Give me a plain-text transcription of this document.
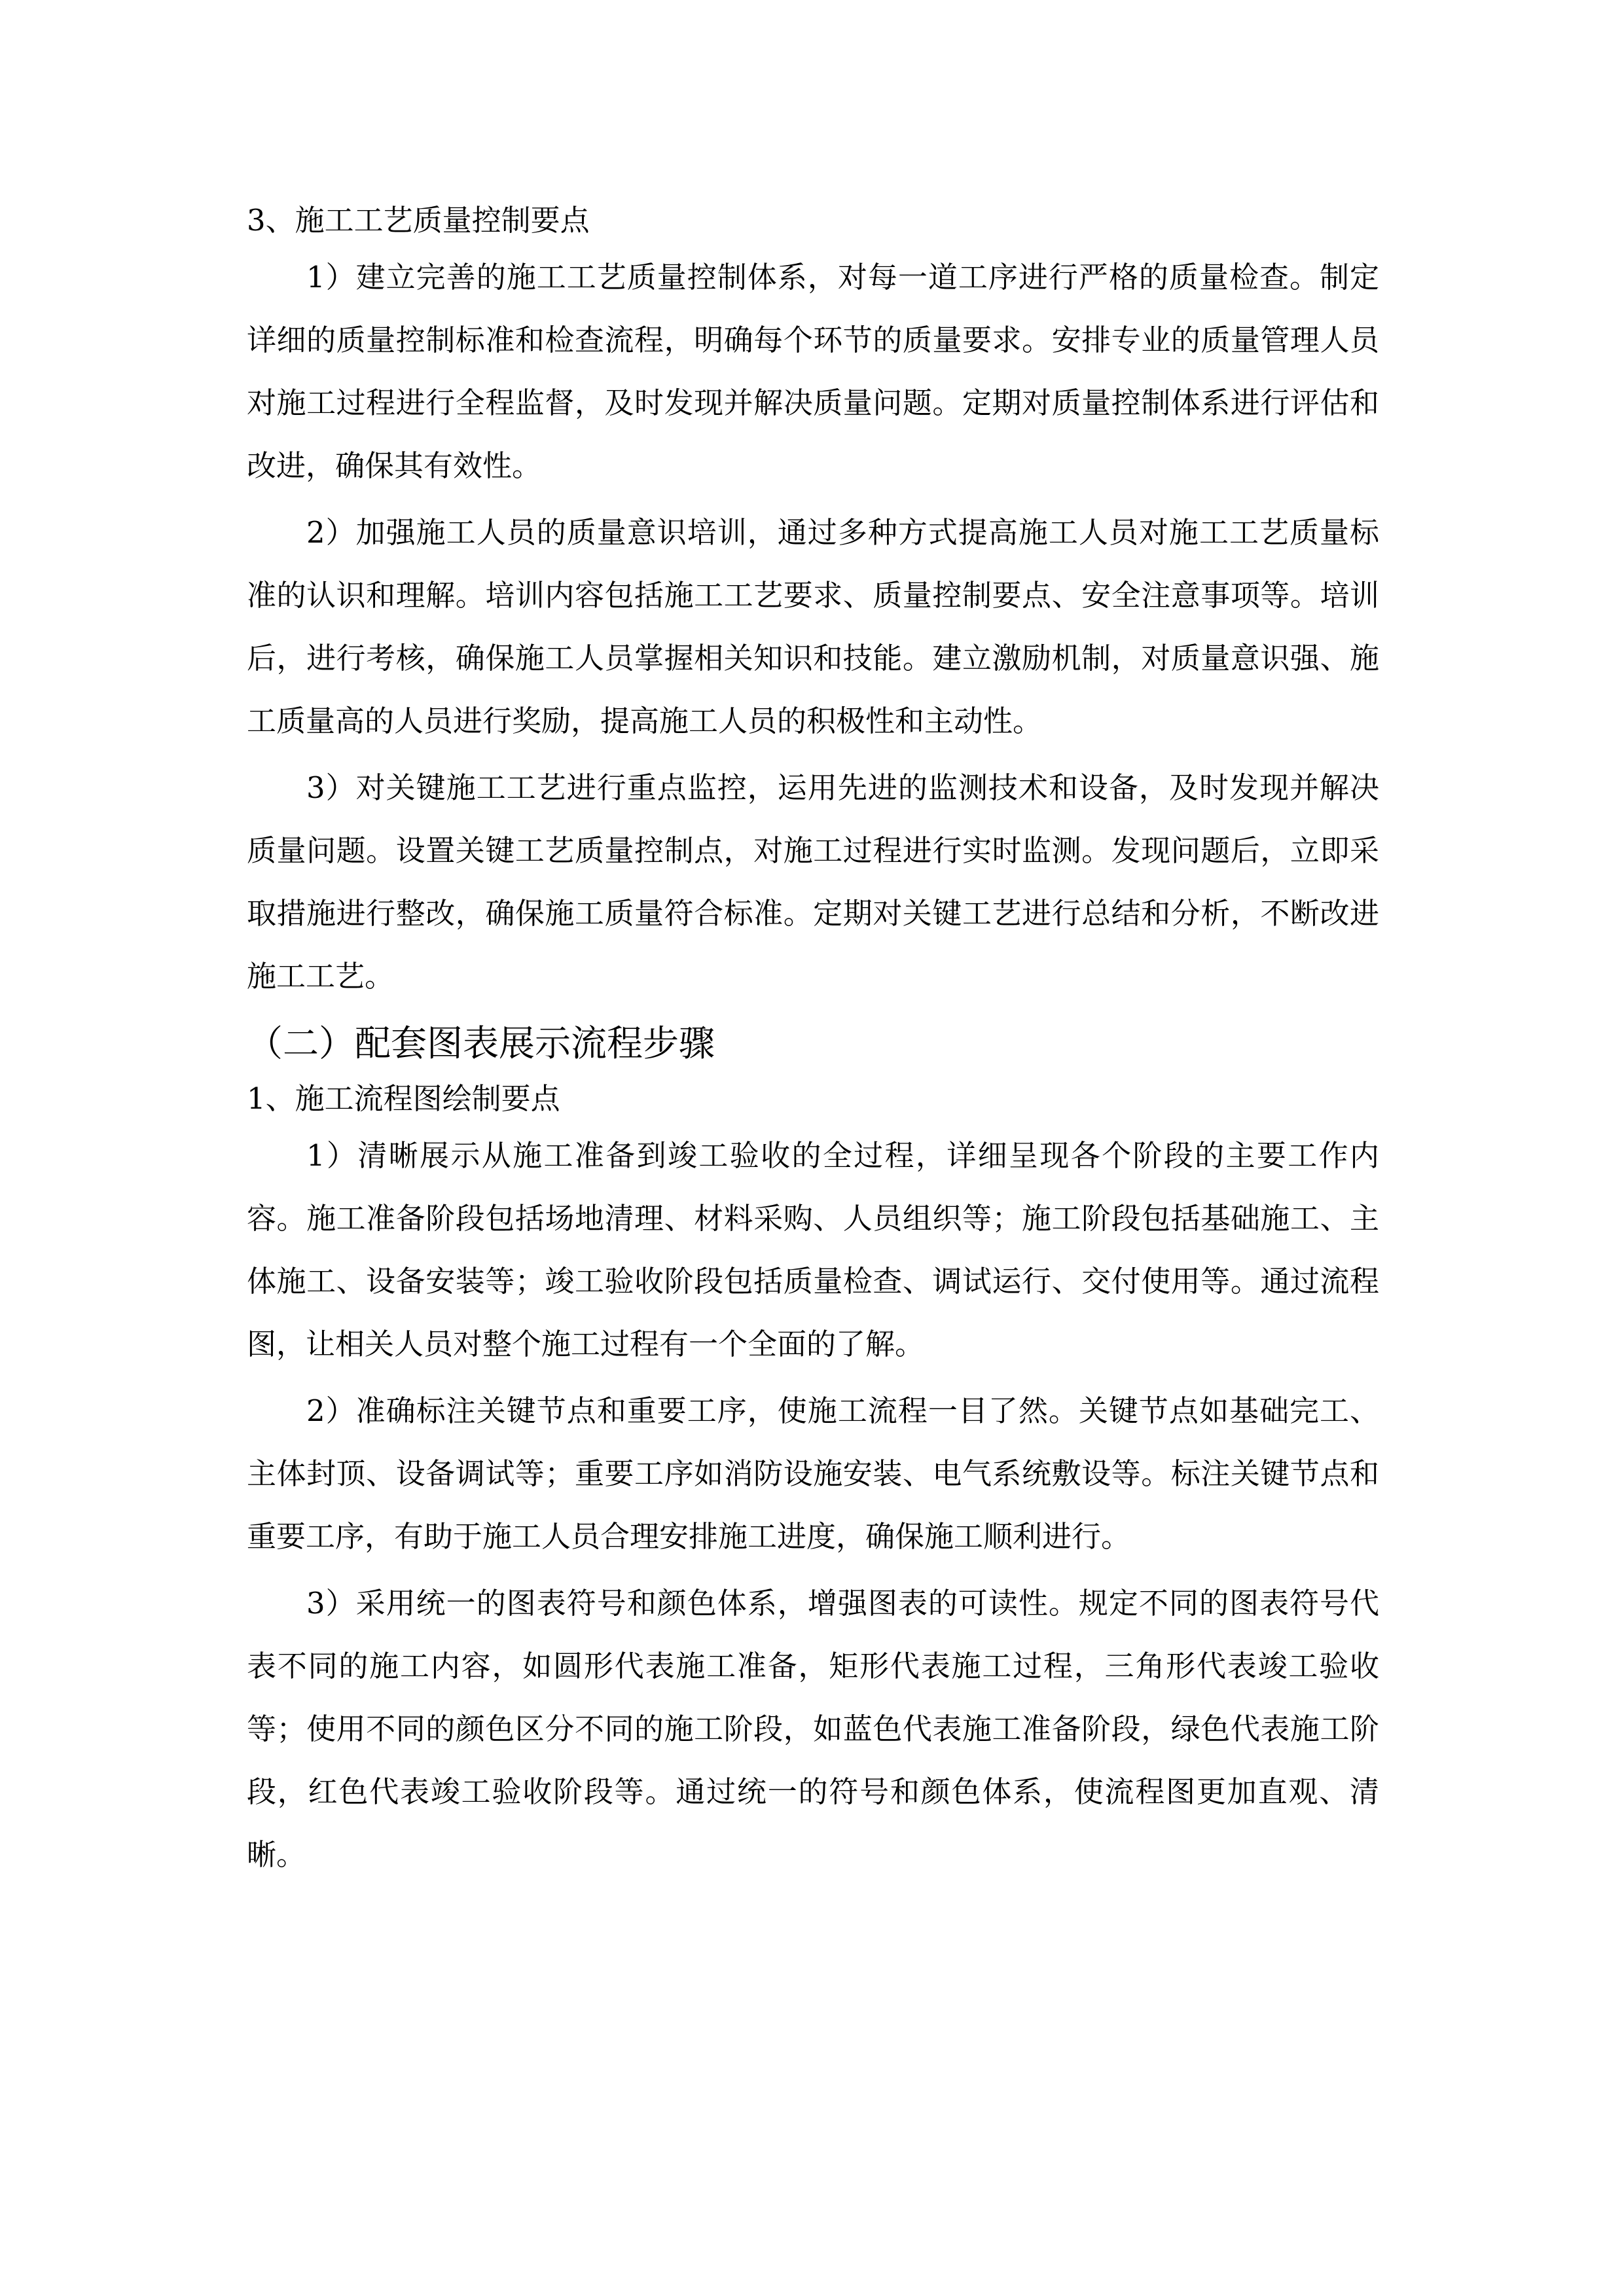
3、施工工艺质量控制要点

1）建立完善的施工工艺质量控制体系，对每一道工序进行严格的质量检查。制定详细的质量控制标准和检查流程，明确每个环节的质量要求。安排专业的质量管理人员对施工过程进行全程监督，及时发现并解决质量问题。定期对质量控制体系进行评估和改进，确保其有效性。

2）加强施工人员的质量意识培训，通过多种方式提高施工人员对施工工艺质量标准的认识和理解。培训内容包括施工工艺要求、质量控制要点、安全注意事项等。培训后，进行考核，确保施工人员掌握相关知识和技能。建立激励机制，对质量意识强、施工质量高的人员进行奖励，提高施工人员的积极性和主动性。

3）对关键施工工艺进行重点监控，运用先进的监测技术和设备，及时发现并解决质量问题。设置关键工艺质量控制点，对施工过程进行实时监测。发现问题后，立即采取措施进行整改，确保施工质量符合标准。定期对关键工艺进行总结和分析，不断改进施工工艺。

（二）配套图表展示流程步骤

1、施工流程图绘制要点

1）清晰展示从施工准备到竣工验收的全过程，详细呈现各个阶段的主要工作内容。施工准备阶段包括场地清理、材料采购、人员组织等；施工阶段包括基础施工、主体施工、设备安装等；竣工验收阶段包括质量检查、调试运行、交付使用等。通过流程图，让相关人员对整个施工过程有一个全面的了解。

2）准确标注关键节点和重要工序，使施工流程一目了然。关键节点如基础完工、主体封顶、设备调试等；重要工序如消防设施安装、电气系统敷设等。标注关键节点和重要工序，有助于施工人员合理安排施工进度，确保施工顺利进行。

3）采用统一的图表符号和颜色体系，增强图表的可读性。规定不同的图表符号代表不同的施工内容，如圆形代表施工准备，矩形代表施工过程，三角形代表竣工验收等；使用不同的颜色区分不同的施工阶段，如蓝色代表施工准备阶段，绿色代表施工阶段，红色代表竣工验收阶段等。通过统一的符号和颜色体系，使流程图更加直观、清晰。
